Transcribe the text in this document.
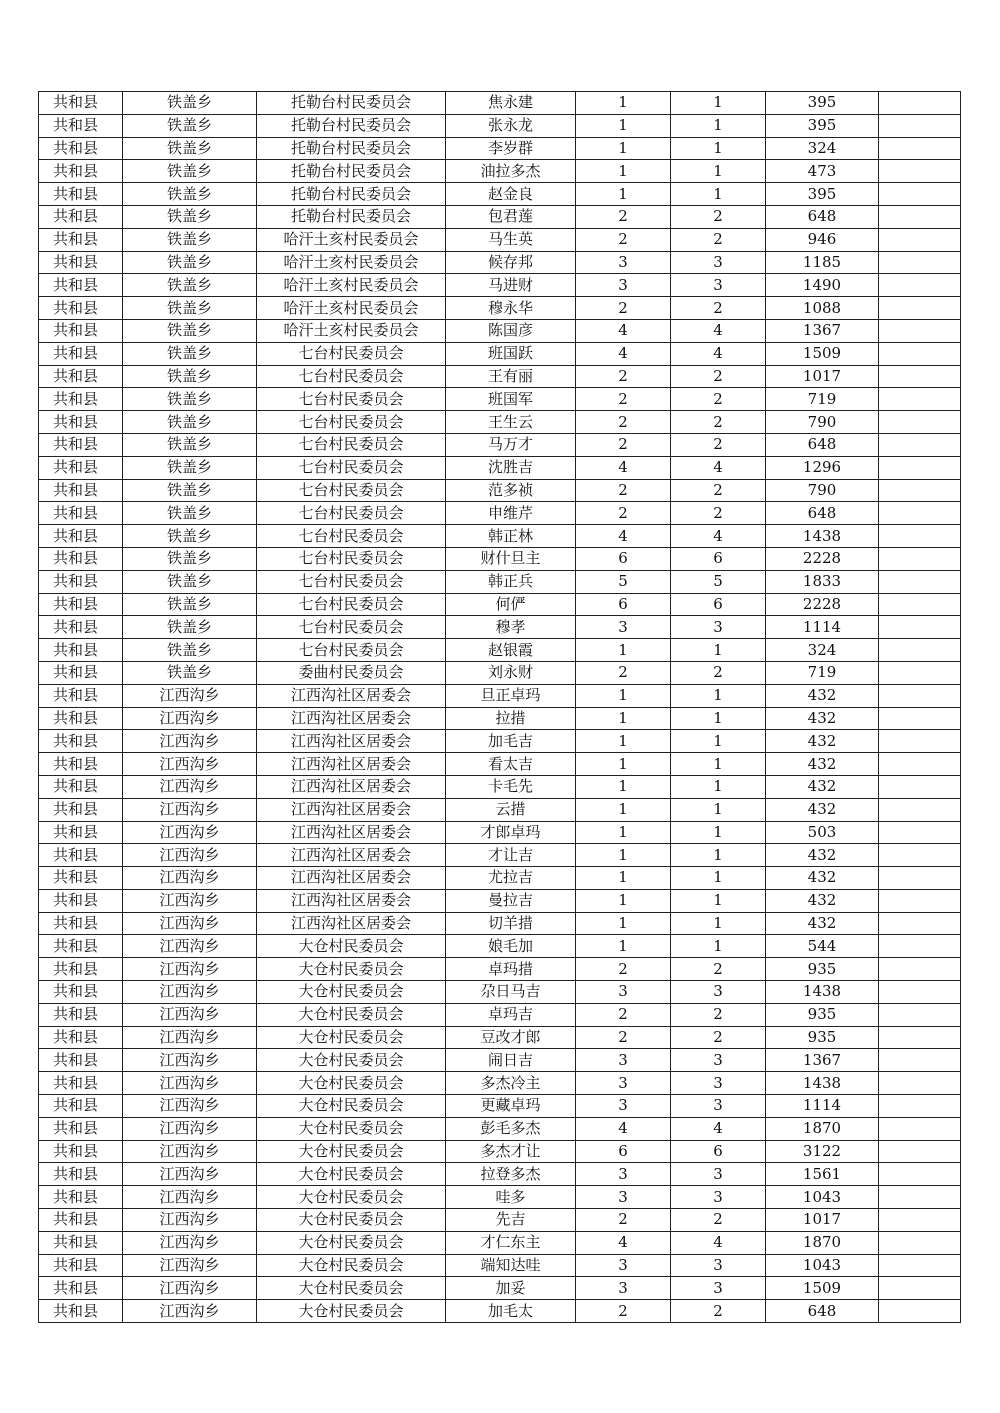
共和县	铁盖乡	托勒台村民委员会	焦永建	1	1	395	
共和县	铁盖乡	托勒台村民委员会	张永龙	1	1	395	
共和县	铁盖乡	托勒台村民委员会	李岁群	1	1	324	
共和县	铁盖乡	托勒台村民委员会	油拉多杰	1	1	473	
共和县	铁盖乡	托勒台村民委员会	赵金良	1	1	395	
共和县	铁盖乡	托勒台村民委员会	包君莲	2	2	648	
共和县	铁盖乡	哈汗土亥村民委员会	马生英	2	2	946	
共和县	铁盖乡	哈汗土亥村民委员会	候存邦	3	3	1185	
共和县	铁盖乡	哈汗土亥村民委员会	马进财	3	3	1490	
共和县	铁盖乡	哈汗土亥村民委员会	穆永华	2	2	1088	
共和县	铁盖乡	哈汗土亥村民委员会	陈国彦	4	4	1367	
共和县	铁盖乡	七台村民委员会	班国跃	4	4	1509	
共和县	铁盖乡	七台村民委员会	王有丽	2	2	1017	
共和县	铁盖乡	七台村民委员会	班国军	2	2	719	
共和县	铁盖乡	七台村民委员会	王生云	2	2	790	
共和县	铁盖乡	七台村民委员会	马万才	2	2	648	
共和县	铁盖乡	七台村民委员会	沈胜吉	4	4	1296	
共和县	铁盖乡	七台村民委员会	范多祯	2	2	790	
共和县	铁盖乡	七台村民委员会	申维芹	2	2	648	
共和县	铁盖乡	七台村民委员会	韩正林	4	4	1438	
共和县	铁盖乡	七台村民委员会	财什旦主	6	6	2228	
共和县	铁盖乡	七台村民委员会	韩正兵	5	5	1833	
共和县	铁盖乡	七台村民委员会	何俨	6	6	2228	
共和县	铁盖乡	七台村民委员会	穆孝	3	3	1114	
共和县	铁盖乡	七台村民委员会	赵银霞	1	1	324	
共和县	铁盖乡	委曲村民委员会	刘永财	2	2	719	
共和县	江西沟乡	江西沟社区居委会	旦正卓玛	1	1	432	
共和县	江西沟乡	江西沟社区居委会	拉措	1	1	432	
共和县	江西沟乡	江西沟社区居委会	加毛吉	1	1	432	
共和县	江西沟乡	江西沟社区居委会	看太吉	1	1	432	
共和县	江西沟乡	江西沟社区居委会	卡毛先	1	1	432	
共和县	江西沟乡	江西沟社区居委会	云措	1	1	432	
共和县	江西沟乡	江西沟社区居委会	才郎卓玛	1	1	503	
共和县	江西沟乡	江西沟社区居委会	才让吉	1	1	432	
共和县	江西沟乡	江西沟社区居委会	尤拉吉	1	1	432	
共和县	江西沟乡	江西沟社区居委会	曼拉吉	1	1	432	
共和县	江西沟乡	江西沟社区居委会	切羊措	1	1	432	
共和县	江西沟乡	大仓村民委员会	娘毛加	1	1	544	
共和县	江西沟乡	大仓村民委员会	卓玛措	2	2	935	
共和县	江西沟乡	大仓村民委员会	尕日马吉	3	3	1438	
共和县	江西沟乡	大仓村民委员会	卓玛吉	2	2	935	
共和县	江西沟乡	大仓村民委员会	豆改才郎	2	2	935	
共和县	江西沟乡	大仓村民委员会	闹日吉	3	3	1367	
共和县	江西沟乡	大仓村民委员会	多杰冷主	3	3	1438	
共和县	江西沟乡	大仓村民委员会	更藏卓玛	3	3	1114	
共和县	江西沟乡	大仓村民委员会	彭毛多杰	4	4	1870	
共和县	江西沟乡	大仓村民委员会	多杰才让	6	6	3122	
共和县	江西沟乡	大仓村民委员会	拉登多杰	3	3	1561	
共和县	江西沟乡	大仓村民委员会	哇多	3	3	1043	
共和县	江西沟乡	大仓村民委员会	先吉	2	2	1017	
共和县	江西沟乡	大仓村民委员会	才仁东主	4	4	1870	
共和县	江西沟乡	大仓村民委员会	端知达哇	3	3	1043	
共和县	江西沟乡	大仓村民委员会	加妥	3	3	1509	
共和县	江西沟乡	大仓村民委员会	加毛太	2	2	648	
